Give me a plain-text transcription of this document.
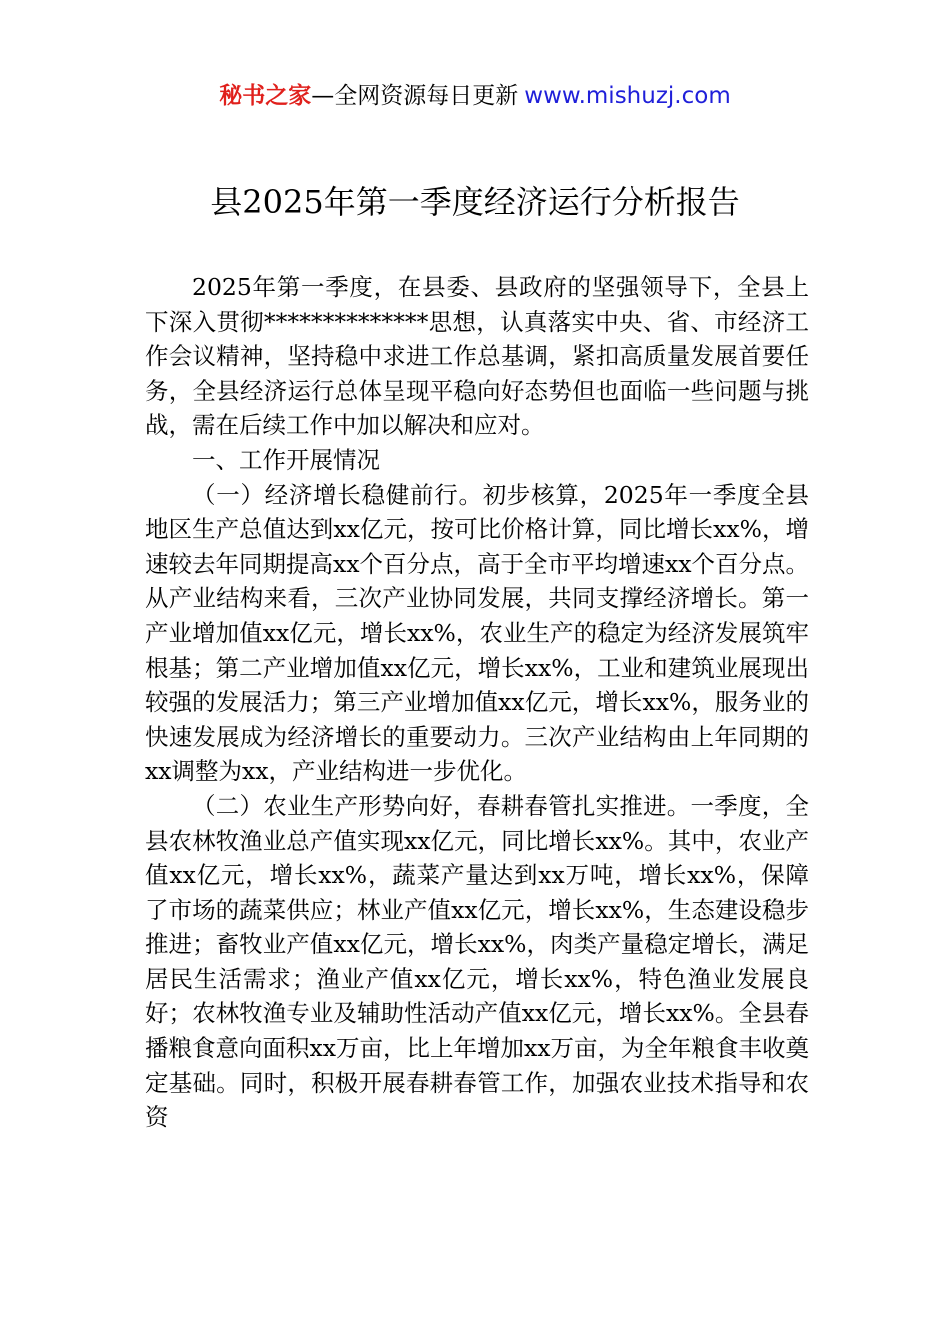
秘书之家—全网资源每日更新 www.mishuzj.com
县2025年第一季度经济运行分析报告

2025年第一季度，在县委、县政府的坚强领导下，全县上下深入贯彻**************思想，认真落实中央、省、市经济工作会议精神，坚持稳中求进工作总基调，紧扣高质量发展首要任务，全县经济运行总体呈现平稳向好态势但也面临一些问题与挑战，需在后续工作中加以解决和应对。

一、工作开展情况

（一）经济增长稳健前行。初步核算，2025年一季度全县地区生产总值达到xx亿元，按可比价格计算，同比增长xx%，增速较去年同期提高xx个百分点，高于全市平均增速xx个百分点。从产业结构来看，三次产业协同发展，共同支撑经济增长。第一产业增加值xx亿元，增长xx%，农业生产的稳定为经济发展筑牢根基；第二产业增加值xx亿元，增长xx%，工业和建筑业展现出较强的发展活力；第三产业增加值xx亿元，增长xx%，服务业的快速发展成为经济增长的重要动力。三次产业结构由上年同期的xx调整为xx，产业结构进一步优化。

（二）农业生产形势向好，春耕春管扎实推进。一季度，全县农林牧渔业总产值实现xx亿元，同比增长xx%。其中，农业产值xx亿元，增长xx%，蔬菜产量达到xx万吨，增长xx%，保障了市场的蔬菜供应；林业产值xx亿元，增长xx%，生态建设稳步推进；畜牧业产值xx亿元，增长xx%，肉类产量稳定增长，满足居民生活需求；渔业产值xx亿元，增长xx%，特色渔业发展良好；农林牧渔专业及辅助性活动产值xx亿元，增长xx%。全县春播粮食意向面积xx万亩，比上年增加xx万亩，为全年粮食丰收奠定基础。同时，积极开展春耕春管工作，加强农业技术指导和农资
